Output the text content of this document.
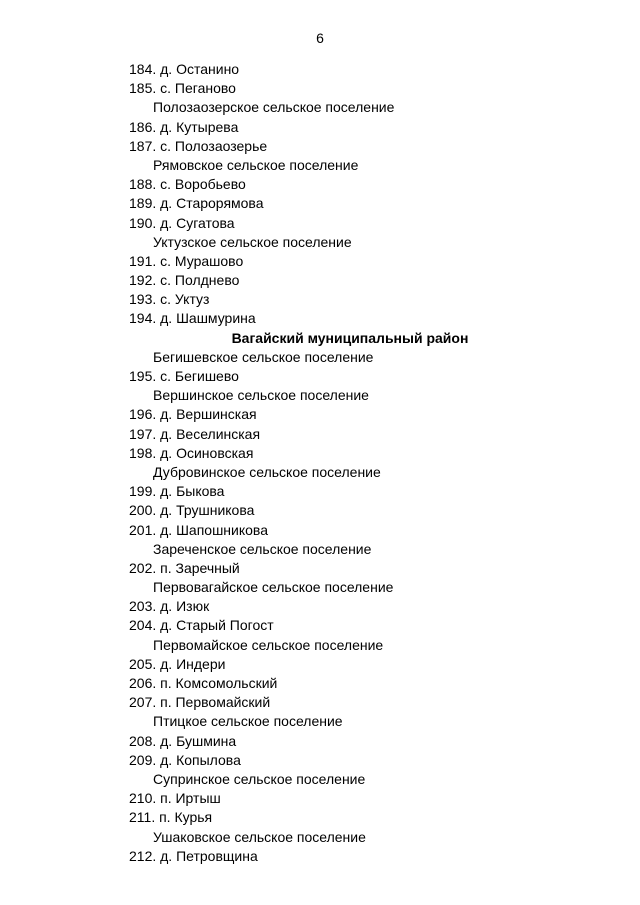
6
184. д. Останино
185. с. Пеганово
Полозаозерское сельское поселение
186. д. Кутырева
187. с. Полозаозерье
Рямовское сельское поселение
188. с. Воробьево
189. д. Старорямова
190. д. Сугатова
Уктузское сельское поселение
191. с. Мурашово
192. с. Полднево
193. с. Уктуз
194. д. Шашмурина
Вагайский муниципальный район
Бегишевское сельское поселение
195. с. Бегишево
Вершинское сельское поселение
196. д. Вершинская
197. д. Веселинская
198. д. Осиновская
Дубровинское сельское поселение
199. д. Быкова
200. д. Трушникова
201. д. Шапошникова
Зареченское сельское поселение
202. п. Заречный
Первовагайское сельское поселение
203. д. Изюк
204. д. Старый Погост
Первомайское сельское поселение
205. д. Индери
206. п. Комсомольский
207. п. Первомайский
Птицкое сельское поселение
208. д. Бушмина
209. д. Копылова
Супринское сельское поселение
210. п. Иртыш
211. п. Курья
Ушаковское сельское поселение
212. д. Петровщина
